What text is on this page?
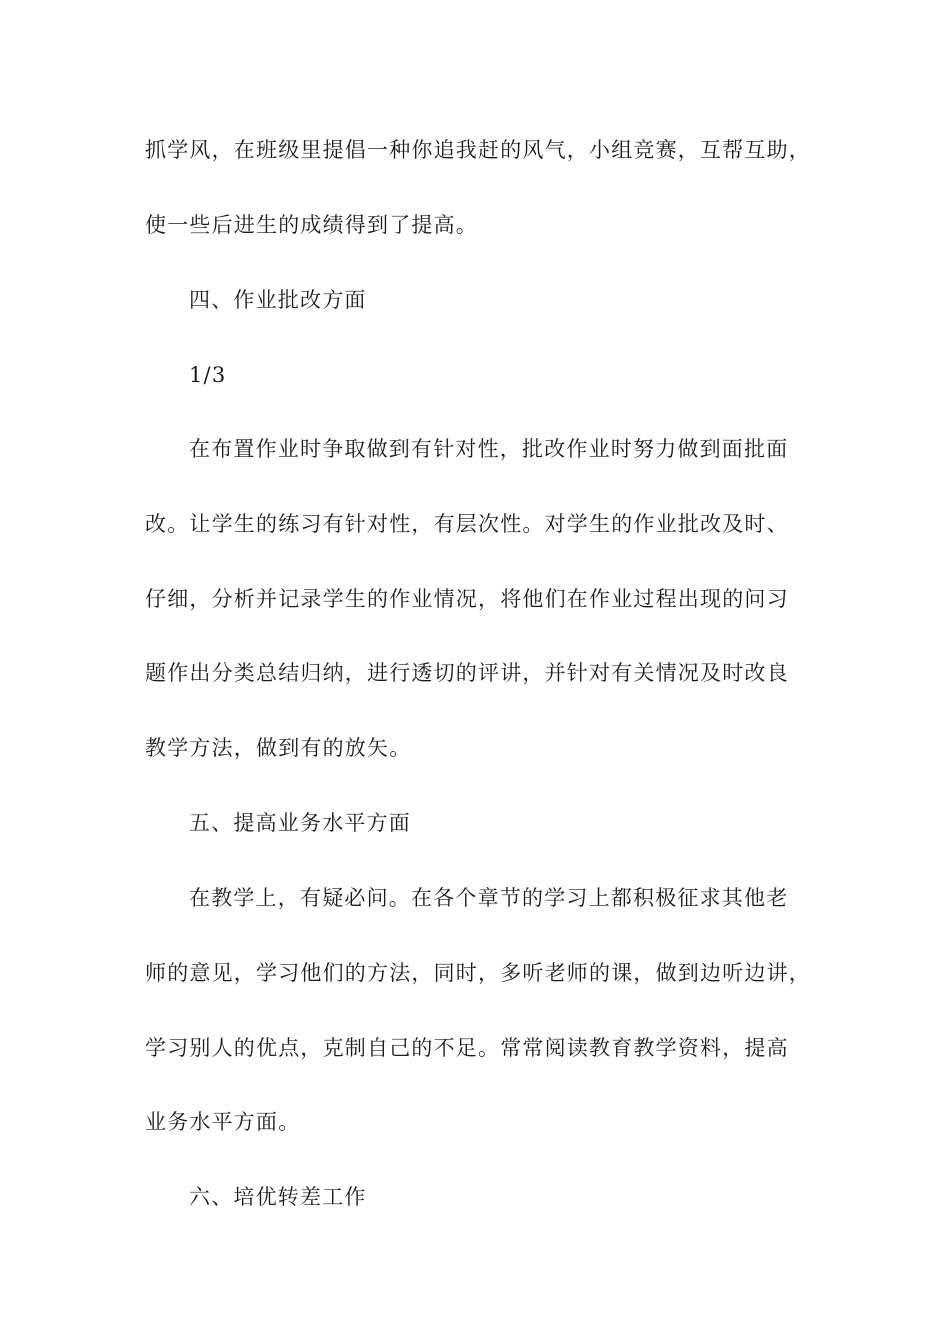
抓学风，在班级里提倡一种你追我赶的风气，小组竞赛，互帮互助，
使一些后进生的成绩得到了提高。
四、作业批改方面
1/3
在布置作业时争取做到有针对性，批改作业时努力做到面批面
改。让学生的练习有针对性，有层次性。对学生的作业批改及时、
仔细，分析并记录学生的作业情况，将他们在作业过程出现的问习
题作出分类总结归纳，进行透切的评讲，并针对有关情况及时改良
教学方法，做到有的放矢。
五、提高业务水平方面
在教学上，有疑必问。在各个章节的学习上都积极征求其他老
师的意见，学习他们的方法，同时，多听老师的课，做到边听边讲，
学习别人的优点，克制自己的不足。常常阅读教育教学资料，提高
业务水平方面。
六、培优转差工作
